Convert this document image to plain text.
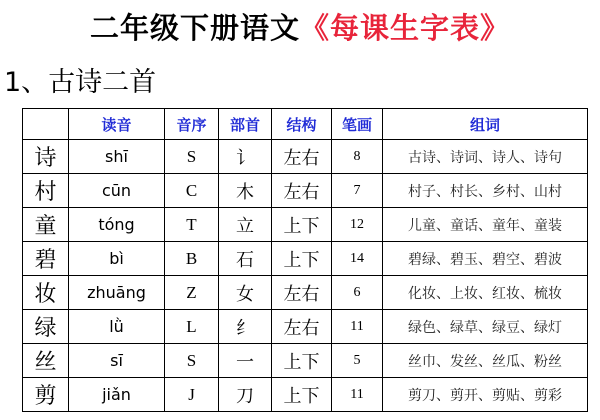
二年级下册语文《每课生字表》
1、古诗二首
	读音	音序	部首	结构	笔画	组词
诗	shī	S	讠	左右	8	古诗、诗词、诗人、诗句
村	cūn	C	木	左右	7	村子、村长、乡村、山村
童	tóng	T	立	上下	12	儿童、童话、童年、童装
碧	bì	B	石	上下	14	碧绿、碧玉、碧空、碧波
妆	zhuāng	Z	女	左右	6	化妆、上妆、红妆、梳妆
绿	lǜ	L	纟	左右	11	绿色、绿草、绿豆、绿灯
丝	sī	S	一	上下	5	丝巾、发丝、丝瓜、粉丝
剪	jiǎn	J	刀	上下	11	剪刀、剪开、剪贴、剪彩
